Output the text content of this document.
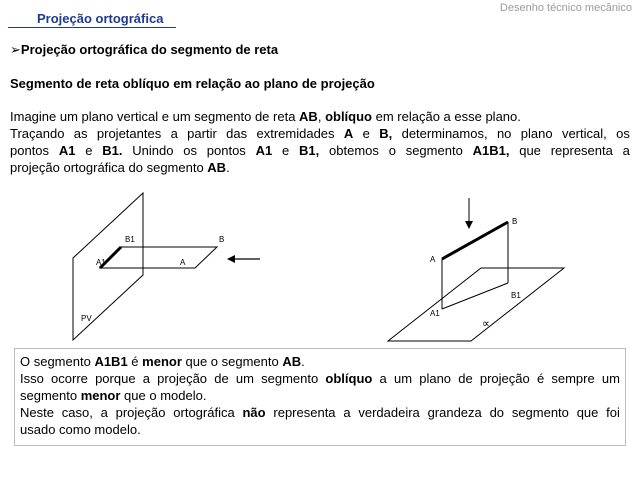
Desenho técnico mecânico
Projeção ortográfica
➢Projeção ortográfica do segmento de reta
Segmento de reta oblíquo em relação ao plano de projeção
Imagine um plano vertical e um segmento de reta AB, oblíquo em relação a esse plano.
Traçando as projetantes a partir das extremidades A e B, determinamos, no plano vertical, os
pontos A1 e B1. Unindo os pontos A1 e B1, obtemos o segmento A1B1, que representa a
projeção ortográfica do segmento AB.
B1	B
A1	A
PV
B
A
B1
A1
∝
O segmento A1B1 é menor que o segmento AB.
Isso ocorre porque a projeção de um segmento oblíquo a um plano de projeção é sempre um
segmento menor que o modelo.
Neste caso, a projeção ortográfica não representa a verdadeira grandeza do segmento que foi
usado como modelo.
